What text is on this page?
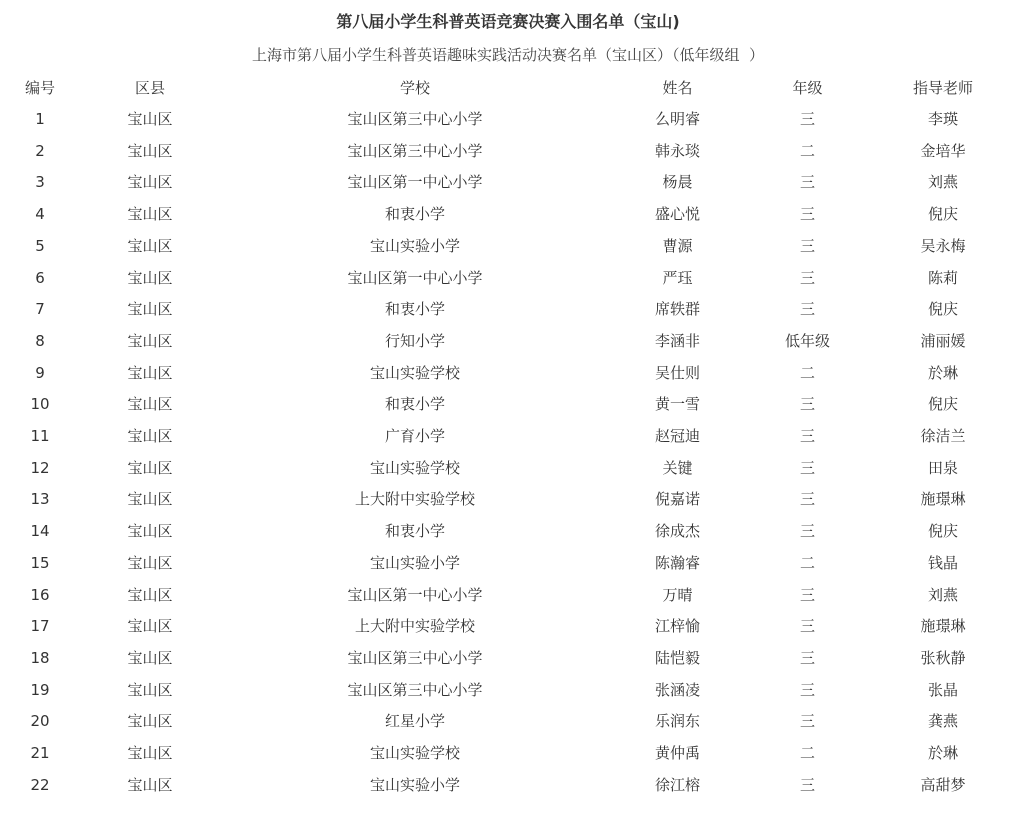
第八届小学生科普英语竞赛决赛入围名单（宝山)
上海市第八届小学生科普英语趣味实践活动决赛名单（宝山区）（低年级组  ）
编号	区县	学校	姓名	年级	指导老师
1	宝山区	宝山区第三中心小学	么明睿	三	李瑛
2	宝山区	宝山区第三中心小学	韩永琰	二	金培华
3	宝山区	宝山区第一中心小学	杨晨	三	刘燕
4	宝山区	和衷小学	盛心悦	三	倪庆
5	宝山区	宝山实验小学	曹源	三	吴永梅
6	宝山区	宝山区第一中心小学	严珏	三	陈莉
7	宝山区	和衷小学	席轶群	三	倪庆
8	宝山区	行知小学	李涵非	低年级	浦丽媛
9	宝山区	宝山实验学校	吴仕则	二	於琳
10	宝山区	和衷小学	黄一雪	三	倪庆
11	宝山区	广育小学	赵冠迪	三	徐洁兰
12	宝山区	宝山实验学校	关键	三	田泉
13	宝山区	上大附中实验学校	倪嘉诺	三	施璟琳
14	宝山区	和衷小学	徐成杰	三	倪庆
15	宝山区	宝山实验小学	陈瀚睿	二	钱晶
16	宝山区	宝山区第一中心小学	万晴	三	刘燕
17	宝山区	上大附中实验学校	江梓愉	三	施璟琳
18	宝山区	宝山区第三中心小学	陆恺毅	三	张秋静
19	宝山区	宝山区第三中心小学	张涵凌	三	张晶
20	宝山区	红星小学	乐润东	三	龚燕
21	宝山区	宝山实验学校	黄仲禹	二	於琳
22	宝山区	宝山实验小学	徐江榕	三	高甜梦
